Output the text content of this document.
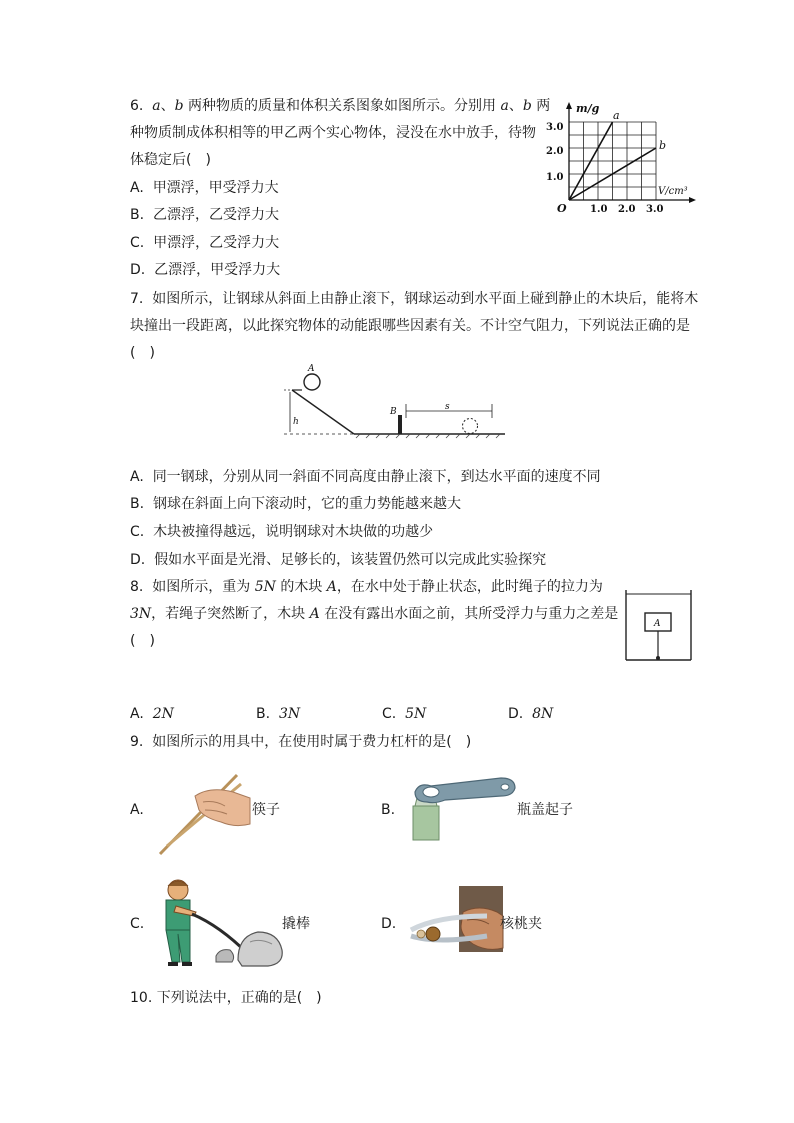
6. a、b 两种物质的质量和体积关系图象如图所示。分别用 a、b 两
种物质制成体积相等的甲乙两个实心物体，浸没在水中放手，待物
体稳定后(　)
A. 甲漂浮，甲受浮力大
B. 乙漂浮，乙受浮力大
C. 甲漂浮，乙受浮力大
D. 乙漂浮，甲受浮力大
m/g
V/cm³
O
3.0
2.0
1.0
1.0 2.0 3.0
a
b
7. 如图所示，让钢球从斜面上由静止滚下，钢球运动到水平面上碰到静止的木块后，能将木
块撞出一段距离，以此探究物体的动能跟哪些因素有关。不计空气阻力，下列说法正确的是
(　)
A
h
B	s
A. 同一钢球，分别从同一斜面不同高度由静止滚下，到达水平面的速度不同
B. 钢球在斜面上向下滚动时，它的重力势能越来越大
C. 木块被撞得越远，说明钢球对木块做的功越少
D. 假如水平面是光滑、足够长的，该装置仍然可以完成此实验探究
8. 如图所示，重为 5N 的木块 A，在水中处于静止状态，此时绳子的拉力为
3N，若绳子突然断了，木块 A 在没有露出水面之前，其所受浮力与重力之差是
(　)
A
A. 2N	B. 3N	C. 5N	D. 8N
9. 如图所示的用具中，在使用时属于费力杠杆的是(　)
A.	筷子	B.	瓶盖起子
C.	撬棒	D.	核桃夹
10. 下列说法中，正确的是(　)
